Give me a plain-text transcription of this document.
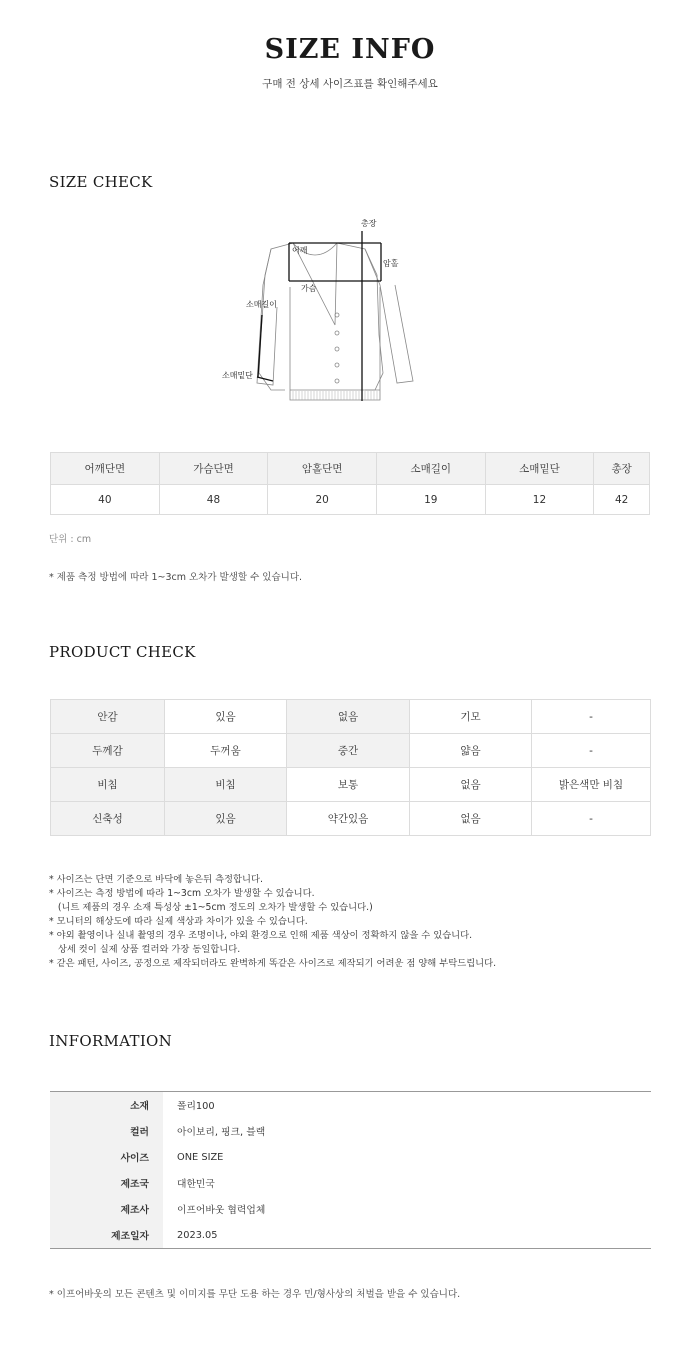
SIZE INFO
구매 전 상세 사이즈표를 확인해주세요
SIZE CHECK
총장
어깨
암홀
가슴
소매길이
소매밑단
어깨단면	가슴단면	암홀단면	소매길이	소매밑단	총장
40	48	20	19	12	42
단위 : cm
* 제품 측정 방법에 따라 1~3cm 오차가 발생할 수 있습니다.
PRODUCT CHECK
안감	있음	없음	기모	-
두께감	두꺼움	중간	얇음	-
비침	비침	보통	없음	밝은색만 비침
신축성	있음	약간있음	없음	-
* 사이즈는 단면 기준으로 바닥에 놓은뒤 측정합니다.
* 사이즈는 측정 방법에 따라 1~3cm 오차가 발생할 수 있습니다.
(니트 제품의 경우 소재 특성상 ±1~5cm 정도의 오차가 발생할 수 있습니다.)
* 모니터의 해상도에 따라 실제 색상과 차이가 있을 수 있습니다.
* 야외 촬영이나 실내 촬영의 경우 조명이나, 야외 환경으로 인해 제품 색상이 정확하지 않을 수 있습니다.
상세 컷이 실제 상품 컬러와 가장 동일합니다.
* 같은 패턴, 사이즈, 공정으로 제작되더라도 완벽하게 똑같은 사이즈로 제작되기 어려운 점 양해 부탁드립니다.
INFORMATION
소재	폴리100
컬러	아이보리, 핑크, 블랙
사이즈	ONE SIZE
제조국	대한민국
제조사	이프어바웃 협력업체
제조일자	2023.05
* 이프어바웃의 모든 콘텐츠 및 이미지를 무단 도용 하는 경우 민/형사상의 처벌을 받을 수 있습니다.
